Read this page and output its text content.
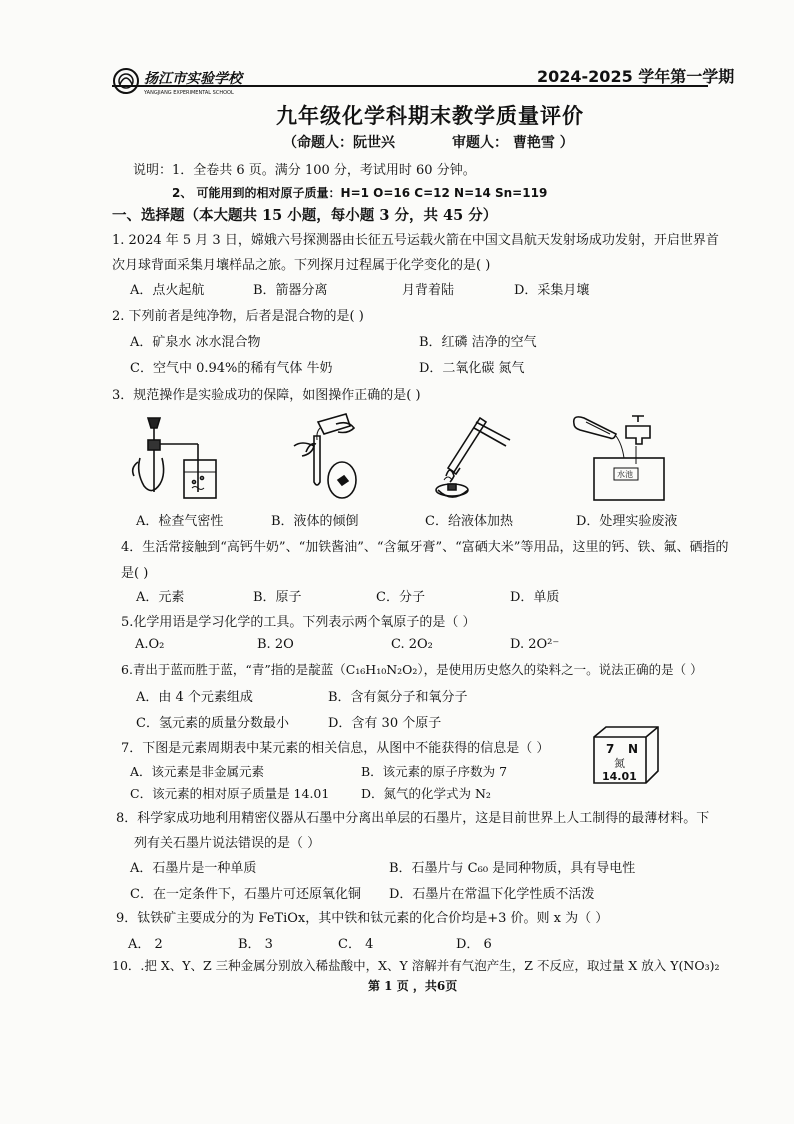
扬江市实验学校
YANGJIANG EXPERIMENTAL SCHOOL
2024-2025 学年第一学期
九年级化学科期末教学质量评价
（命题人：阮世兴	审题人： 曹艳雪 ）
说明：1．全卷共 6 页。满分 100 分，考试用时 60 分钟。
2、 可能用到的相对原子质量：H=1 O=16 C=12 N=14 Sn=119
一、选择题（本大题共 15 小题，每小题 3 分，共 45 分）
1. 2024 年 5 月 3 日，嫦娥六号探测器由长征五号运载火箭在中国文昌航天发射场成功发射，开启世界首
次月球背面采集月壤样品之旅。下列探月过程属于化学变化的是( )
A．点火起航	B．箭器分离	月背着陆	D．采集月壤
2. 下列前者是纯净物，后者是混合物的是( )
A．矿泉水 冰水混合物	B．红磷 洁净的空气
C．空气中 0.94%的稀有气体 牛奶	D．二氧化碳 氮气
3．规范操作是实验成功的保障，如图操作正确的是( )
水池
A．检查气密性	B．液体的倾倒	C．给液体加热	D．处理实验废液
4．生活常接触到“高钙牛奶”、“加铁酱油”、“含氟牙膏”、“富硒大米”等用品，这里的钙、铁、氟、硒指的
是( )
A．元素	B．原子	C．分子	D．单质
5.化学用语是学习化学的工具。下列表示两个氧原子的是（ ）
A.O₂	B. 2O	C. 2O₂	D. 2O²⁻
6.青出于蓝而胜于蓝，“青”指的是靛蓝（C₁₆H₁₀N₂O₂），是使用历史悠久的染料之一。说法正确的是（ ）
A．由 4 个元素组成	B．含有氮分子和氧分子
C．氢元素的质量分数最小	D．含有 30 个原子
7．下图是元素周期表中某元素的相关信息，从图中不能获得的信息是（ ）
A．该元素是非金属元素	B．该元素的原子序数为 7
C．该元素的相对原子质量是 14.01	D．氮气的化学式为 N₂
7 N
氮
14.01
8．科学家成功地利用精密仪器从石墨中分离出单层的石墨片，这是目前世界上人工制得的最薄材料。下
列有关石墨片说法错误的是（ ）
A．石墨片是一种单质	B．石墨片与 C₆₀ 是同种物质，具有导电性
C．在一定条件下，石墨片可还原氧化铜 D．石墨片在常温下化学性质不活泼
9．钛铁矿主要成分的为 FeTiOx，其中铁和钛元素的化合价均是+3 价。则 x 为（ ）
A． 2	B． 3	C． 4	D． 6
10．.把 X、Y、Z 三种金属分别放入稀盐酸中，X、Y 溶解并有气泡产生，Z 不反应，取过量 X 放入 Y(NO₃)₂
第 1 页 ，共6页
